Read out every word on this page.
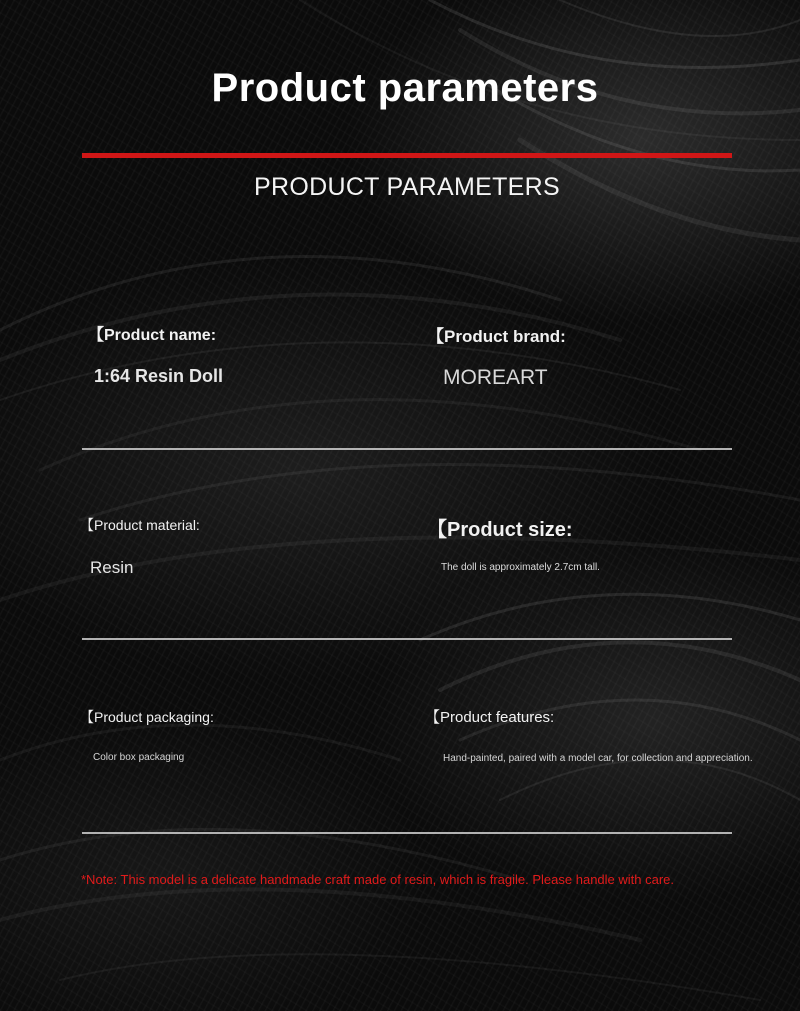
Product parameters
PRODUCT PARAMETERS
【Product name:
1:64 Resin Doll
【Product brand:
MOREART
【Product material:
Resin
【Product size:
The doll is approximately 2.7cm tall.
【Product packaging:
Color box packaging
【Product features:
Hand-painted, paired with a model car, for collection and appreciation.
*Note: This model is a delicate handmade craft made of resin, which is fragile. Please handle with care.
